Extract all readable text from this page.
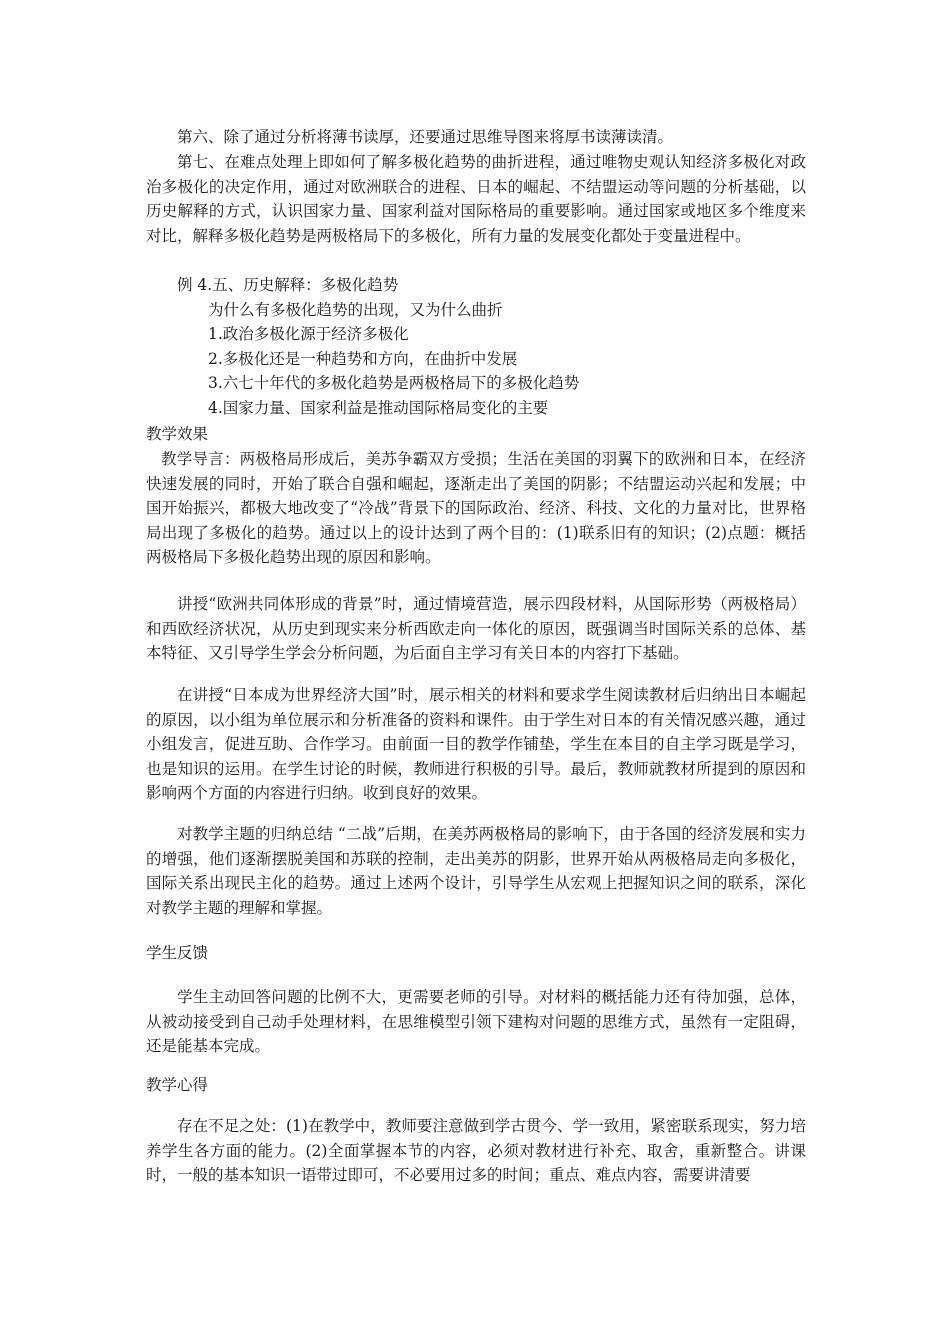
第六、除了通过分析将薄书读厚，还要通过思维导图来将厚书读薄读清。

第七、在难点处理上即如何了解多极化趋势的曲折进程，通过唯物史观认知经济多极化对政治多极化的决定作用，通过对欧洲联合的进程、日本的崛起、不结盟运动等问题的分析基础，以历史解释的方式，认识国家力量、国家利益对国际格局的重要影响。通过国家或地区多个维度来对比，解释多极化趋势是两极格局下的多极化，所有力量的发展变化都处于变量进程中。

例 4.五、历史解释：多极化趋势

为什么有多极化趋势的出现，又为什么曲折

1.政治多极化源于经济多极化

2.多极化还是一种趋势和方向，在曲折中发展

3.六七十年代的多极化趋势是两极格局下的多极化趋势

4.国家力量、国家利益是推动国际格局变化的主要

教学效果

教学导言：两极格局形成后，美苏争霸双方受损；生活在美国的羽翼下的欧洲和日本，在经济快速发展的同时，开始了联合自强和崛起，逐渐走出了美国的阴影；不结盟运动兴起和发展；中国开始振兴，都极大地改变了“冷战”背景下的国际政治、经济、科技、文化的力量对比，世界格局出现了多极化的趋势。通过以上的设计达到了两个目的：(1)联系旧有的知识；(2)点题：概括两极格局下多极化趋势出现的原因和影响。

讲授“欧洲共同体形成的背景”时，通过情境营造，展示四段材料，从国际形势（两极格局）和西欧经济状况，从历史到现实来分析西欧走向一体化的原因，既强调当时国际关系的总体、基本特征、又引导学生学会分析问题，为后面自主学习有关日本的内容打下基础。

在讲授“日本成为世界经济大国”时，展示相关的材料和要求学生阅读教材后归纳出日本崛起的原因，以小组为单位展示和分析准备的资料和课件。由于学生对日本的有关情况感兴趣，通过小组发言，促进互助、合作学习。由前面一目的教学作铺垫，学生在本目的自主学习既是学习，也是知识的运用。在学生讨论的时候，教师进行积极的引导。最后，教师就教材所提到的原因和影响两个方面的内容进行归纳。收到良好的效果。

对教学主题的归纳总结 “二战”后期，在美苏两极格局的影响下，由于各国的经济发展和实力的增强，他们逐渐摆脱美国和苏联的控制，走出美苏的阴影，世界开始从两极格局走向多极化，国际关系出现民主化的趋势。通过上述两个设计，引导学生从宏观上把握知识之间的联系，深化对教学主题的理解和掌握。

学生反馈

学生主动回答问题的比例不大，更需要老师的引导。对材料的概括能力还有待加强，总体，从被动接受到自己动手处理材料，在思维模型引领下建构对问题的思维方式，虽然有一定阻碍，还是能基本完成。

教学心得

存在不足之处：(1)在教学中，教师要注意做到学古贯今、学一致用，紧密联系现实，努力培养学生各方面的能力。(2)全面掌握本节的内容，必须对教材进行补充、取舍，重新整合。讲课时，一般的基本知识一语带过即可，不必要用过多的时间；重点、难点内容，需要讲清要
